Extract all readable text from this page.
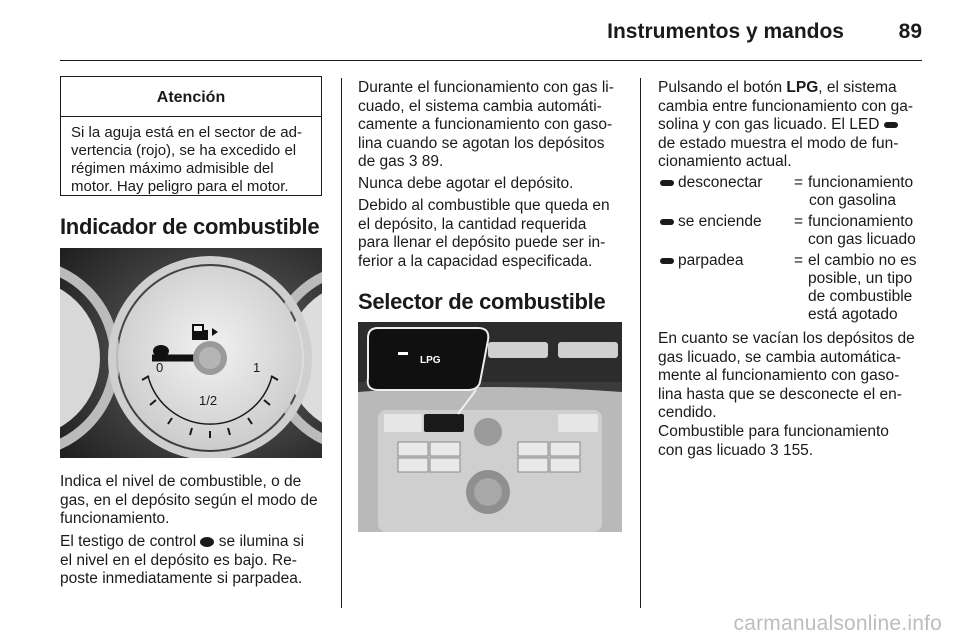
Instrumentos y mandos	89
Atención
Si la aguja está en el sector de ad-
vertencia (rojo), se ha excedido el
régimen máximo admisible del
motor. Hay peligro para el motor.
Indicador de combustible
0	1
1/2
Indica el nivel de combustible, o de
gas, en el depósito según el modo de
funcionamiento.
El testigo de control se ilumina si
el nivel en el depósito es bajo. Re-
poste inmediatamente si parpadea.
Durante el funcionamiento con gas li-
cuado, el sistema cambia automáti-
camente a funcionamiento con gaso-
lina cuando se agotan los depósitos
de gas 3 89.
Nunca debe agotar el depósito.
Debido al combustible que queda en
el depósito, la cantidad requerida
para llenar el depósito puede ser in-
ferior a la capacidad especificada.
Selector de combustible
LPG
Pulsando el botón LPG, el sistema
cambia entre funcionamiento con ga-
solina y con gas licuado. El LED
de estado muestra el modo de fun-
cionamiento actual.
desconectar = funcionamiento
con gasolina
se enciende = funcionamiento
con gas licuado
parpadea	= el cambio no es
posible, un tipo
de combustible
está agotado
En cuanto se vacían los depósitos de
gas licuado, se cambia automática-
mente al funcionamiento con gaso-
lina hasta que se desconecte el en-
cendido.
Combustible para funcionamiento
con gas licuado 3 155.
carmanualsonline.info
